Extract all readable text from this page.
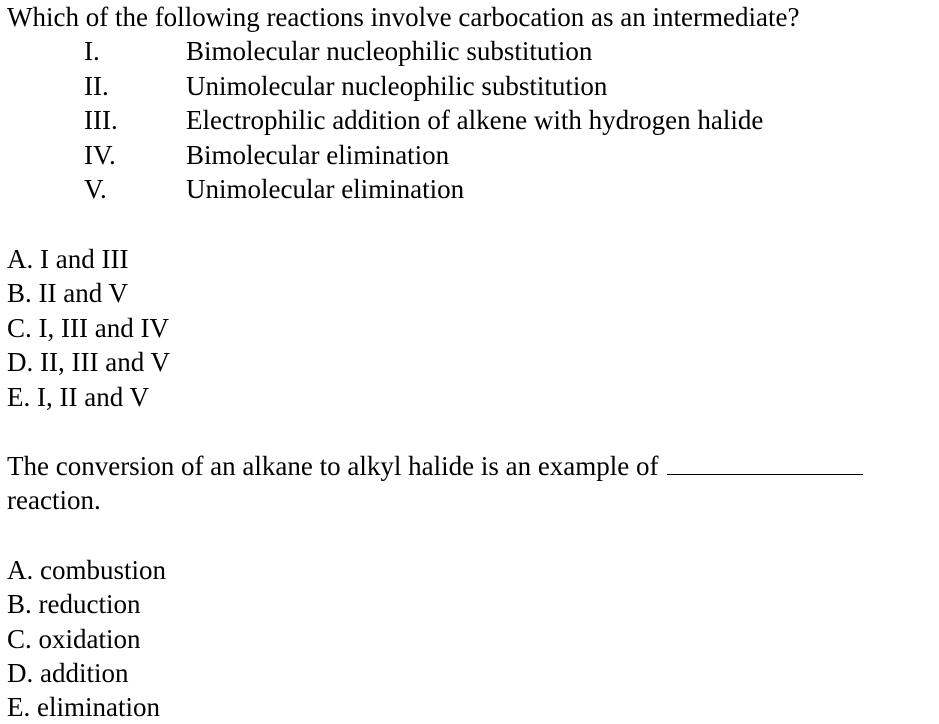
Which of the following reactions involve carbocation as an intermediate?
I.	Bimolecular nucleophilic substitution
II.	Unimolecular nucleophilic substitution
III.	Electrophilic addition of alkene with hydrogen halide
IV.	Bimolecular elimination
V.	Unimolecular elimination
A. I and III
B. II and V
C. I, III and IV
D. II, III and V
E. I, II and V
The conversion of an alkane to alkyl halide is an example of
reaction.
A. combustion
B. reduction
C. oxidation
D. addition
E. elimination
